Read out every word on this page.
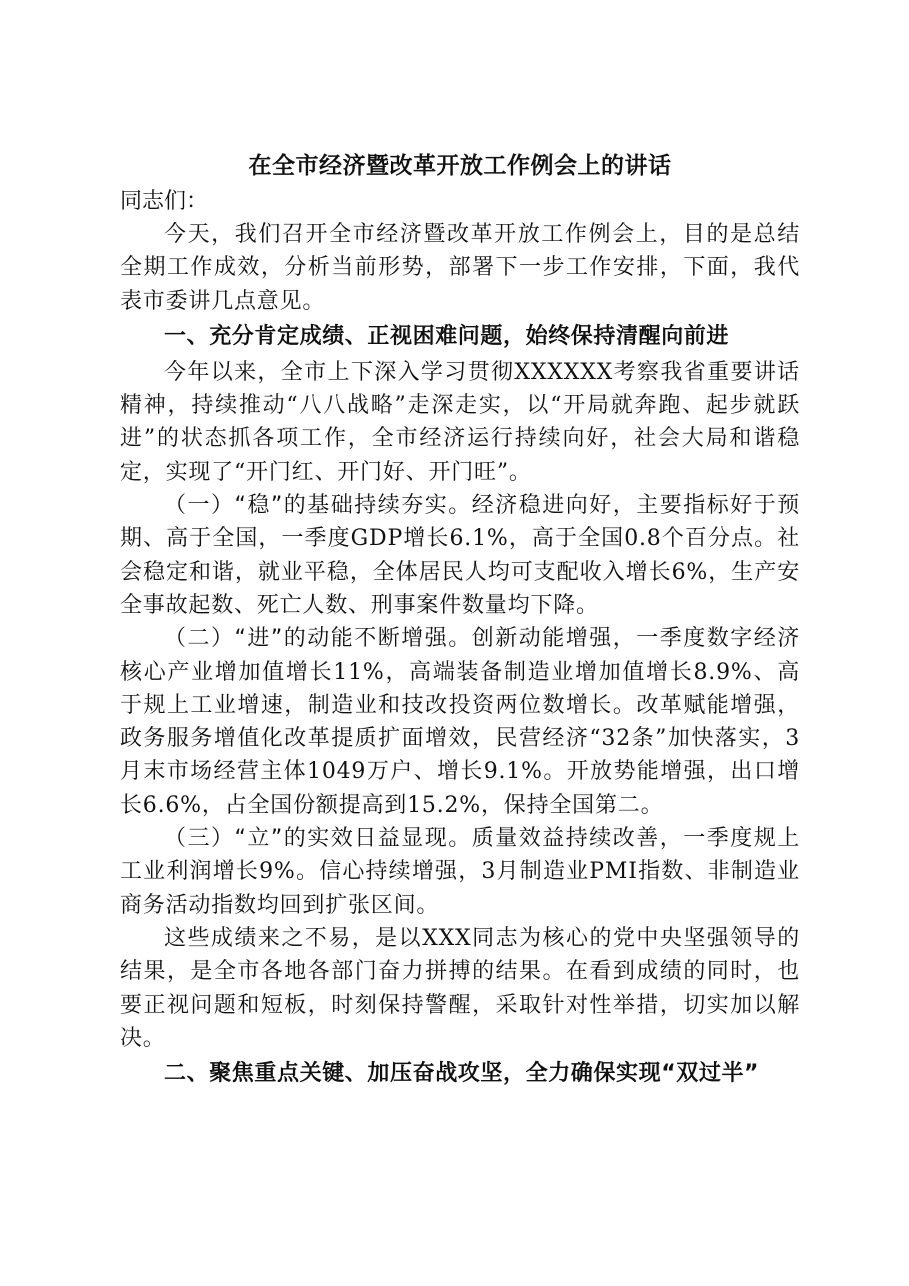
在全市经济暨改革开放工作例会上的讲话

同志们：

今天，我们召开全市经济暨改革开放工作例会上，目的是总结全期工作成效，分析当前形势，部署下一步工作安排，下面，我代表市委讲几点意见。

一、充分肯定成绩、正视困难问题，始终保持清醒向前进

今年以来，全市上下深入学习贯彻XXXXXX考察我省重要讲话精神，持续推动“八八战略”走深走实，以“开局就奔跑、起步就跃进”的状态抓各项工作，全市经济运行持续向好，社会大局和谐稳定，实现了“开门红、开门好、开门旺”。

（一）“稳”的基础持续夯实。经济稳进向好，主要指标好于预期、高于全国，一季度GDP增长6.1%，高于全国0.8个百分点。社会稳定和谐，就业平稳，全体居民人均可支配收入增长6%，生产安全事故起数、死亡人数、刑事案件数量均下降。

（二）“进”的动能不断增强。创新动能增强，一季度数字经济核心产业增加值增长11%，高端装备制造业增加值增长8.9%、高于规上工业增速，制造业和技改投资两位数增长。改革赋能增强，政务服务增值化改革提质扩面增效，民营经济“32条”加快落实，3月末市场经营主体1049万户、增长9.1%。开放势能增强，出口增长6.6%，占全国份额提高到15.2%，保持全国第二。

（三）“立”的实效日益显现。质量效益持续改善，一季度规上工业利润增长9%。信心持续增强，3月制造业PMI指数、非制造业商务活动指数均回到扩张区间。

这些成绩来之不易，是以XXX同志为核心的党中央坚强领导的结果，是全市各地各部门奋力拼搏的结果。在看到成绩的同时，也要正视问题和短板，时刻保持警醒，采取针对性举措，切实加以解决。

二、聚焦重点关键、加压奋战攻坚，全力确保实现“双过半”
